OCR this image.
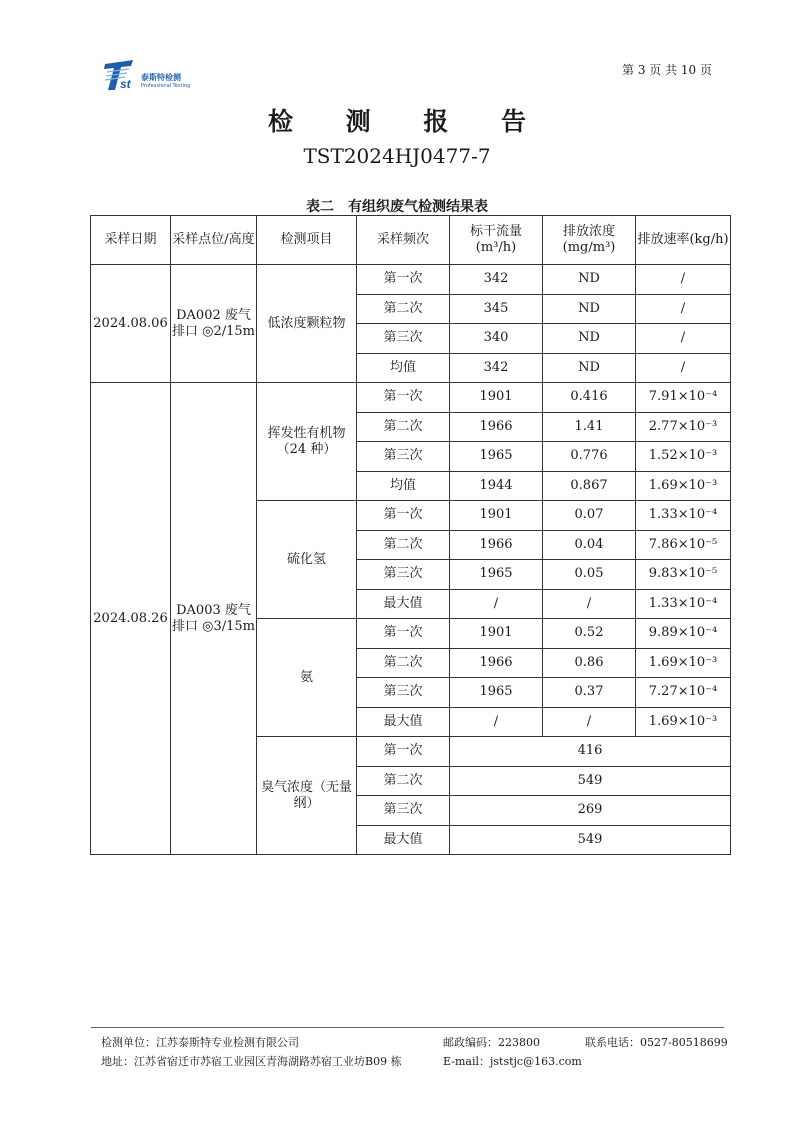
st 泰斯特检测
Professional Testing
第 3 页 共 10 页
检 测 报 告
TST2024HJ0477-7
表二　有组织废气检测结果表
采样日期	采样点位/高度	检测项目	采样频次	标干流量(m³/h)	排放浓度(mg/m³)	排放速率(kg/h)
2024.08.06	DA002 废气排口 ◎2/15m	低浓度颗粒物	第一次	342	ND	/
			第二次	345	ND	/
			第三次	340	ND	/
			均值	342	ND	/
2024.08.26	DA003 废气排口 ◎3/15m	挥发性有机物（24 种）	第一次	1901	0.416	7.91×10⁻⁴
			第二次	1966	1.41	2.77×10⁻³
			第三次	1965	0.776	1.52×10⁻³
			均值	1944	0.867	1.69×10⁻³
		硫化氢	第一次	1901	0.07	1.33×10⁻⁴
			第二次	1966	0.04	7.86×10⁻⁵
			第三次	1965	0.05	9.83×10⁻⁵
			最大值	/	/	1.33×10⁻⁴
		氨	第一次	1901	0.52	9.89×10⁻⁴
			第二次	1966	0.86	1.69×10⁻³
			第三次	1965	0.37	7.27×10⁻⁴
			最大值	/	/	1.69×10⁻³
		臭气浓度（无量纲）	第一次	416		
			第二次	549		
			第三次	269		
			最大值	549		
检测单位：江苏泰斯特专业检测有限公司	邮政编码：223800	联系电话：0527-80518699
地址：江苏省宿迁市苏宿工业园区青海湖路苏宿工业坊B09 栋	E-mail：jststjc@163.com
